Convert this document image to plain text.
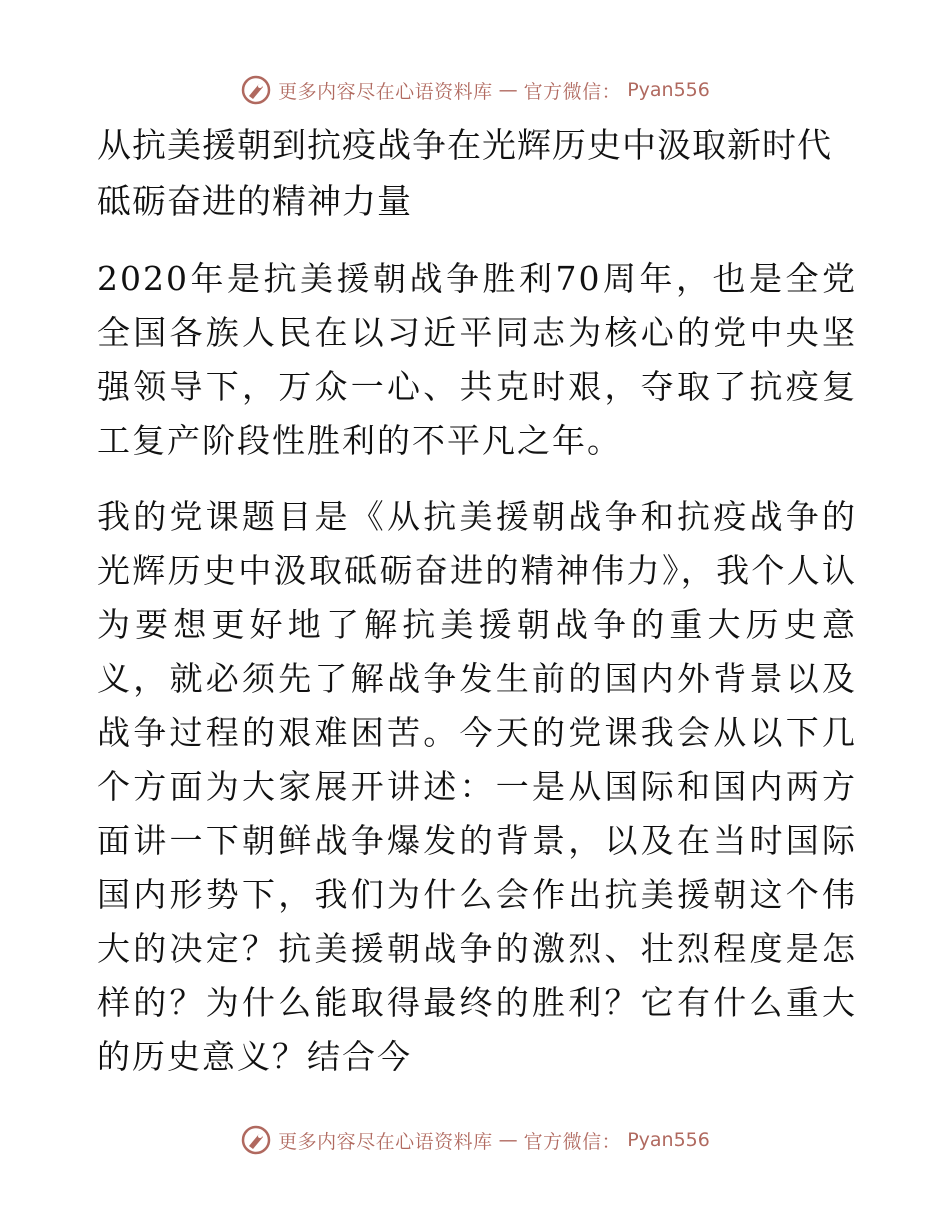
更多内容尽在心语资料库 — 官方微信： Pyan556
从抗美援朝到抗疫战争在光辉历史中汲取新时代砥砺奋进的精神力量

2020年是抗美援朝战争胜利70周年，也是全党全国各族人民在以习近平同志为核心的党中央坚强领导下，万众一心、共克时艰，夺取了抗疫复工复产阶段性胜利的不平凡之年。

我的党课题目是《从抗美援朝战争和抗疫战争的光辉历史中汲取砥砺奋进的精神伟力》，我个人认为要想更好地了解抗美援朝战争的重大历史意义，就必须先了解战争发生前的国内外背景以及战争过程的艰难困苦。今天的党课我会从以下几个方面为大家展开讲述：一是从国际和国内两方面讲一下朝鲜战争爆发的背景，以及在当时国际国内形势下，我们为什么会作出抗美援朝这个伟大的决定？抗美援朝战争的激烈、壮烈程度是怎样的？为什么能取得最终的胜利？它有什么重大的历史意义？结合今

更多内容尽在心语资料库 — 官方微信： Pyan556
